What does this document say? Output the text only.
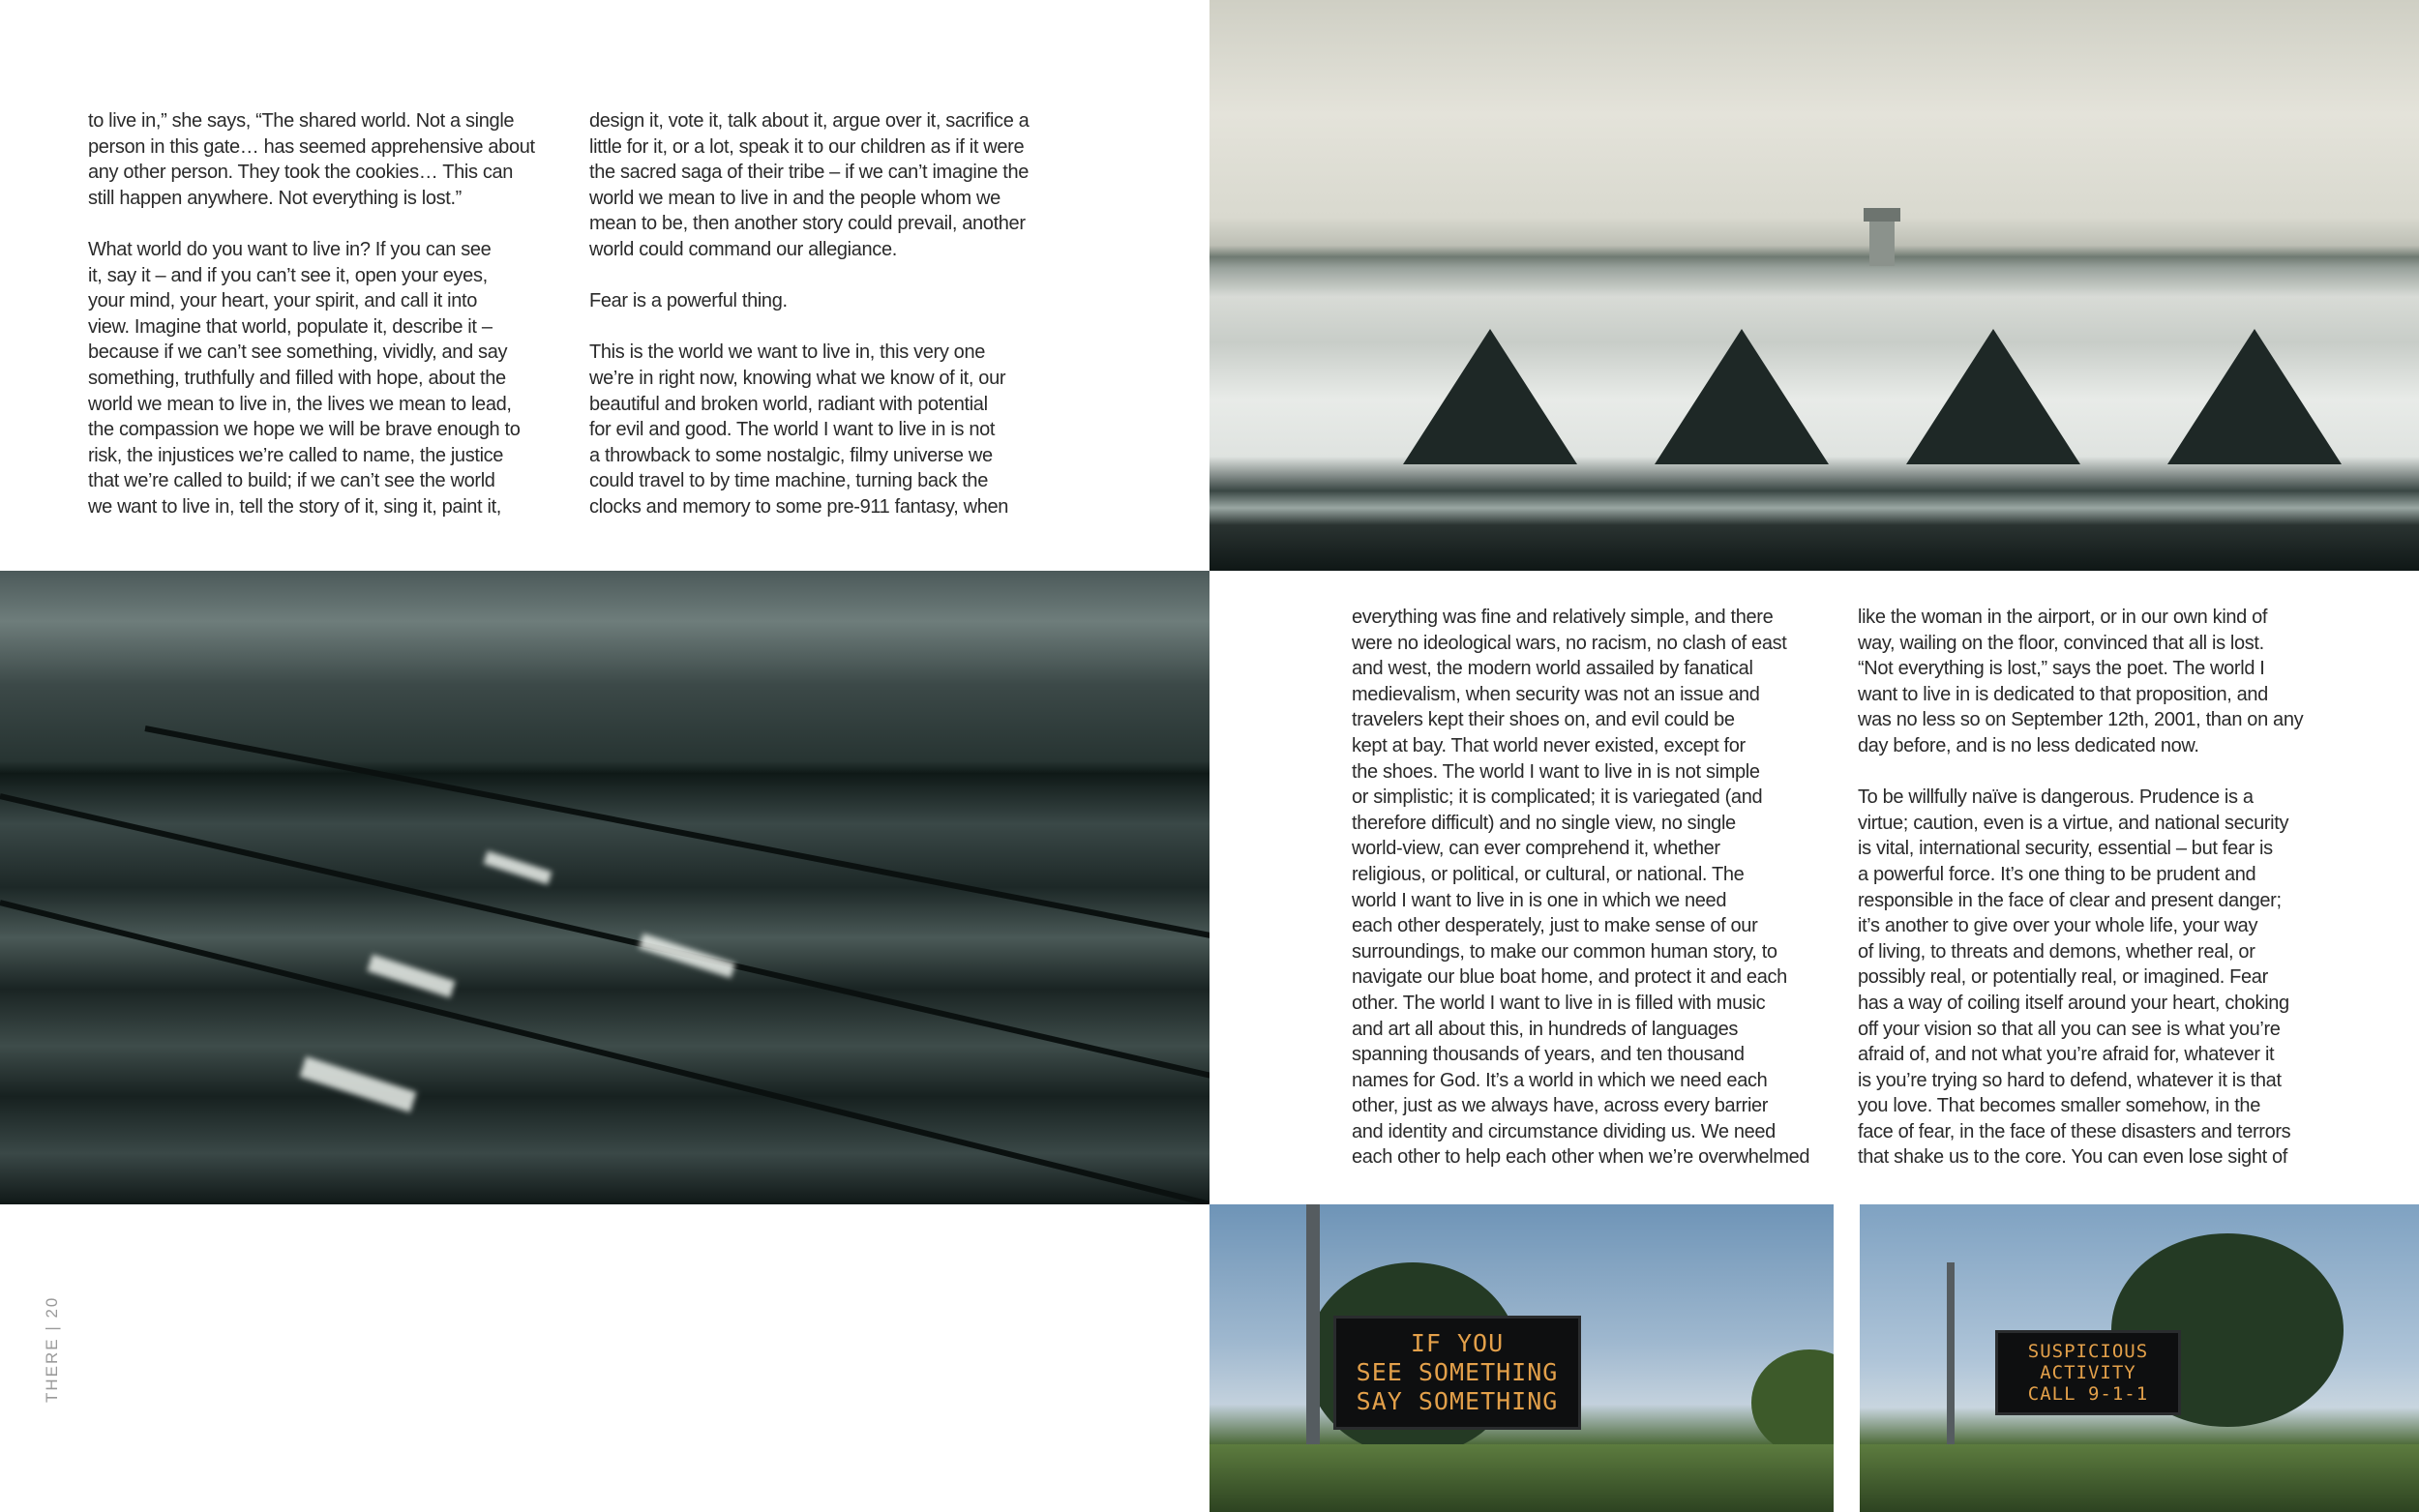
to live in,” she says, “The shared world. Not a single
person in this gate… has seemed apprehensive about
any other person. They took the cookies… This can
still happen anywhere. Not everything is lost.”
What world do you want to live in? If you can see
it, say it – and if you can’t see it, open your eyes,
your mind, your heart, your spirit, and call it into
view. Imagine that world, populate it, describe it –
because if we can’t see something, vividly, and say
something, truthfully and filled with hope, about the
world we mean to live in, the lives we mean to lead,
the compassion we hope we will be brave enough to
risk, the injustices we’re called to name, the justice
that we’re called to build; if we can’t see the world
we want to live in, tell the story of it, sing it, paint it,
design it, vote it, talk about it, argue over it, sacrifice a
little for it, or a lot, speak it to our children as if it were
the sacred saga of their tribe – if we can’t imagine the
world we mean to live in and the people whom we
mean to be, then another story could prevail, another
world could command our allegiance.
Fear is a powerful thing.
This is the world we want to live in, this very one
we’re in right now, knowing what we know of it, our
beautiful and broken world, radiant with potential
for evil and good. The world I want to live in is not
a throwback to some nostalgic, filmy universe we
could travel to by time machine, turning back the
clocks and memory to some pre-911 fantasy, when
everything was fine and relatively simple, and there
were no ideological wars, no racism, no clash of east
and west, the modern world assailed by fanatical
medievalism, when security was not an issue and
travelers kept their shoes on, and evil could be
kept at bay. That world never existed, except for
the shoes. The world I want to live in is not simple
or simplistic; it is complicated; it is variegated (and
therefore difficult) and no single view, no single
world-view, can ever comprehend it, whether
religious, or political, or cultural, or national. The
world I want to live in is one in which we need
each other desperately, just to make sense of our
surroundings, to make our common human story, to
navigate our blue boat home, and protect it and each
other. The world I want to live in is filled with music
and art all about this, in hundreds of languages
spanning thousands of years, and ten thousand
names for God. It’s a world in which we need each
other, just as we always have, across every barrier
and identity and circumstance dividing us. We need
each other to help each other when we’re overwhelmed
like the woman in the airport, or in our own kind of
way, wailing on the floor, convinced that all is lost.
“Not everything is lost,” says the poet. The world I
want to live in is dedicated to that proposition, and
was no less so on September 12th, 2001, than on any
day before, and is no less dedicated now.
To be willfully naïve is dangerous. Prudence is a
virtue; caution, even is a virtue, and national security
is vital, international security, essential – but fear is
a powerful force. It’s one thing to be prudent and
responsible in the face of clear and present danger;
it’s another to give over your whole life, your way
of living, to threats and demons, whether real, or
possibly real, or potentially real, or imagined. Fear
has a way of coiling itself around your heart, choking
off your vision so that all you can see is what you’re
afraid of, and not what you’re afraid for, whatever it
is you’re trying so hard to defend, whatever it is that
you love. That becomes smaller somehow, in the
face of fear, in the face of these disasters and terrors
that shake us to the core. You can even lose sight of
IF YOU
SEE SOMETHING
SAY SOMETHING
SUSPICIOUS
ACTIVITY
CALL 9-1-1
THERE | 20
